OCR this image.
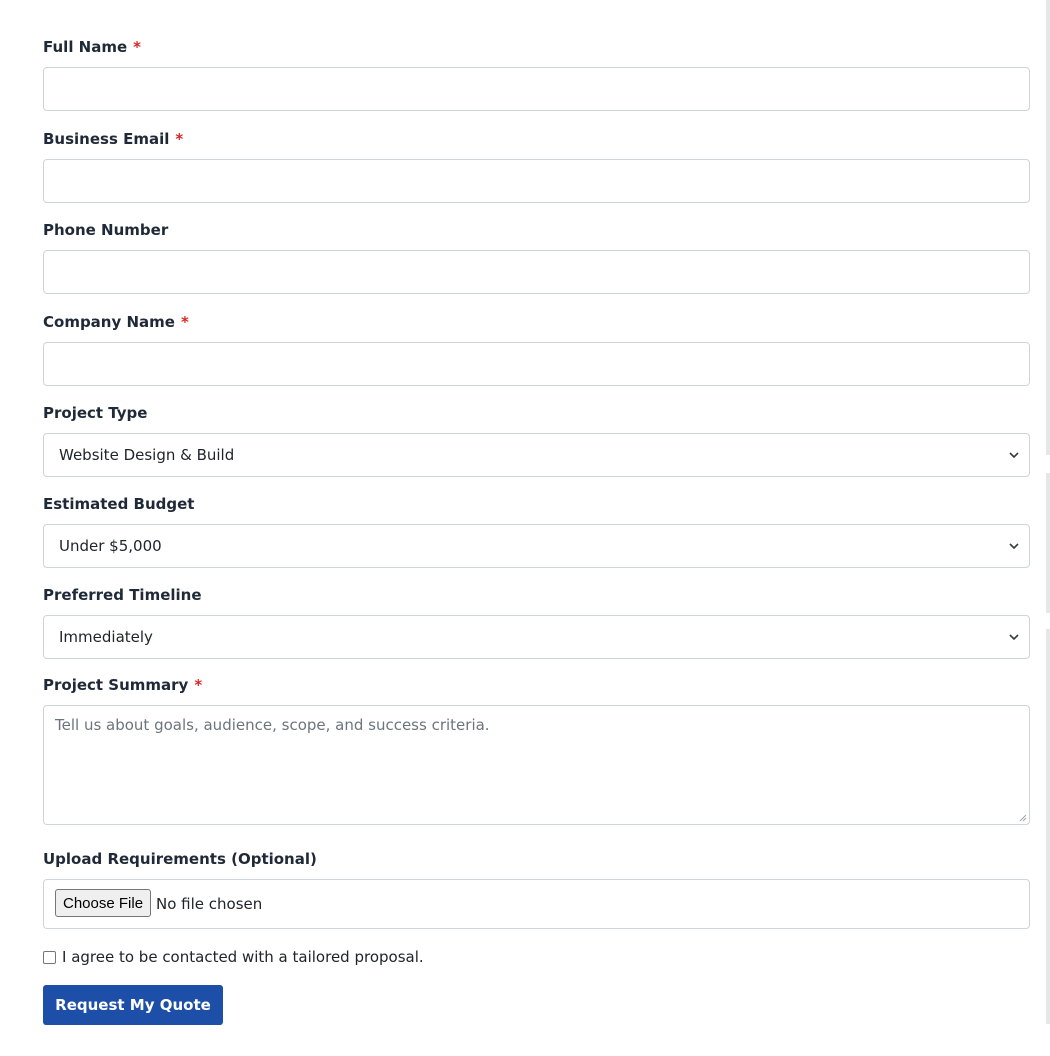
Full Name *
Business Email *
Phone Number
Company Name *
Project Type
Website Design & Build
Estimated Budget
Under $5,000
Preferred Timeline
Immediately
Project Summary *
Tell us about goals, audience, scope, and success criteria.
Upload Requirements (Optional)
Choose File No file chosen
I agree to be contacted with a tailored proposal.
Request My Quote
